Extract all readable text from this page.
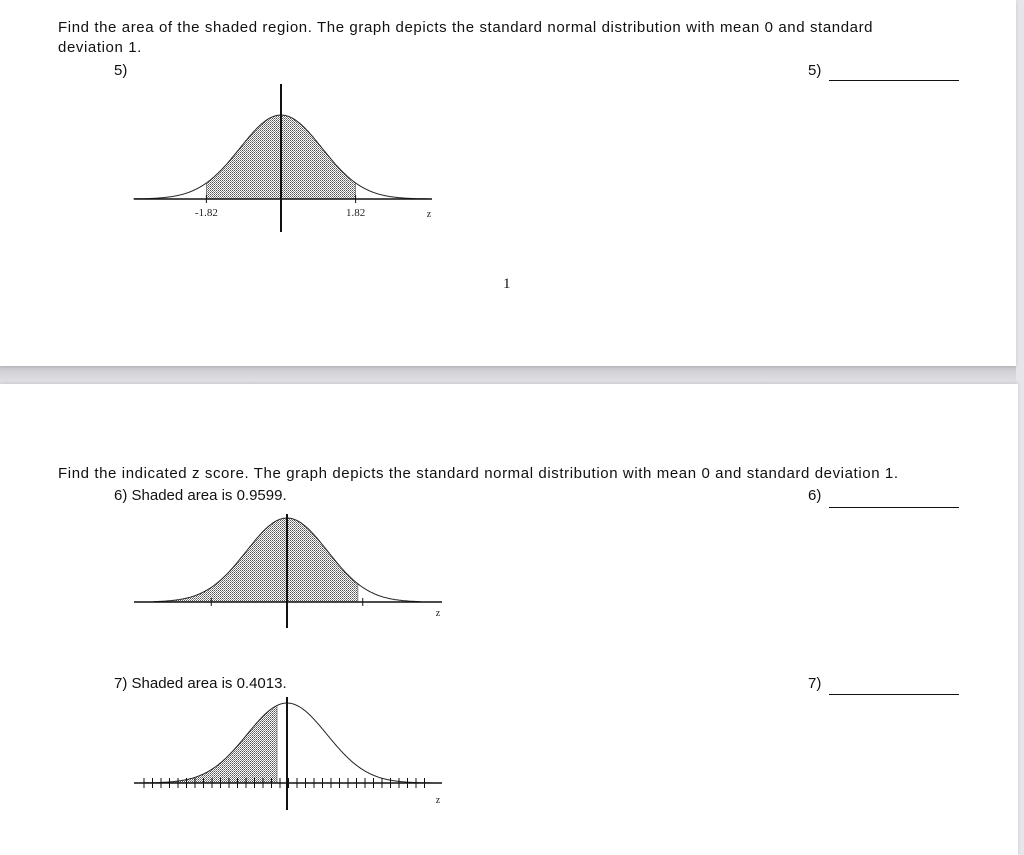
Find the area of the shaded region. The graph depicts the standard normal distribution with mean 0 and standard
deviation 1.
5)	5)
-1.82	1.82	z
1
Find the indicated z score. The graph depicts the standard normal distribution with mean 0 and standard deviation 1.
6) Shaded area is 0.9599.	6)
z
7) Shaded area is 0.4013.	7)
z
